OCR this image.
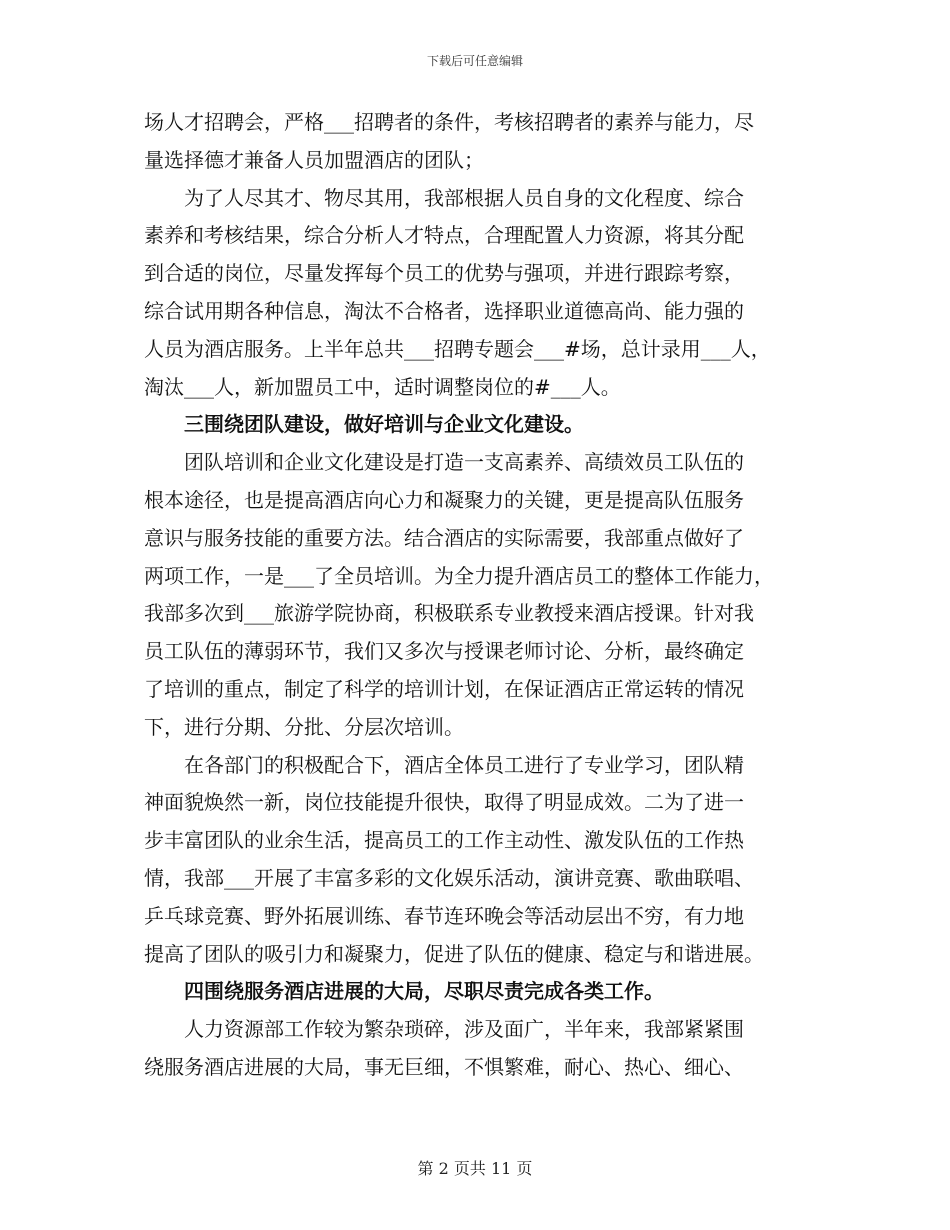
下载后可任意编辑
场人才招聘会，严格___招聘者的条件，考核招聘者的素养与能力，尽
量选择德才兼备人员加盟酒店的团队；
　　为了人尽其才、物尽其用，我部根据人员自身的文化程度、综合
素养和考核结果，综合分析人才特点，合理配置人力资源，将其分配
到合适的岗位，尽量发挥每个员工的优势与强项，并进行跟踪考察，
综合试用期各种信息，淘汰不合格者，选择职业道德高尚、能力强的
人员为酒店服务。上半年总共___招聘专题会___#场，总计录用___人，
淘汰___人，新加盟员工中，适时调整岗位的#___人。
　　三围绕团队建设，做好培训与企业文化建设。
　　团队培训和企业文化建设是打造一支高素养、高绩效员工队伍的
根本途径，也是提高酒店向心力和凝聚力的关键，更是提高队伍服务
意识与服务技能的重要方法。结合酒店的实际需要，我部重点做好了
两项工作，一是___了全员培训。为全力提升酒店员工的整体工作能力，
我部多次到___旅游学院协商，积极联系专业教授来酒店授课。针对我
员工队伍的薄弱环节，我们又多次与授课老师讨论、分析，最终确定
了培训的重点，制定了科学的培训计划，在保证酒店正常运转的情况
下，进行分期、分批、分层次培训。
　　在各部门的积极配合下，酒店全体员工进行了专业学习，团队精
神面貌焕然一新，岗位技能提升很快，取得了明显成效。二为了进一
步丰富团队的业余生活，提高员工的工作主动性、激发队伍的工作热
情，我部___开展了丰富多彩的文化娱乐活动，演讲竞赛、歌曲联唱、
乒乓球竞赛、野外拓展训练、春节连环晚会等活动层出不穷，有力地
提高了团队的吸引力和凝聚力，促进了队伍的健康、稳定与和谐进展。
　　四围绕服务酒店进展的大局，尽职尽责完成各类工作。
　　人力资源部工作较为繁杂琐碎，涉及面广，半年来，我部紧紧围
绕服务酒店进展的大局，事无巨细，不惧繁难，耐心、热心、细心、
第 2 页共 11 页
